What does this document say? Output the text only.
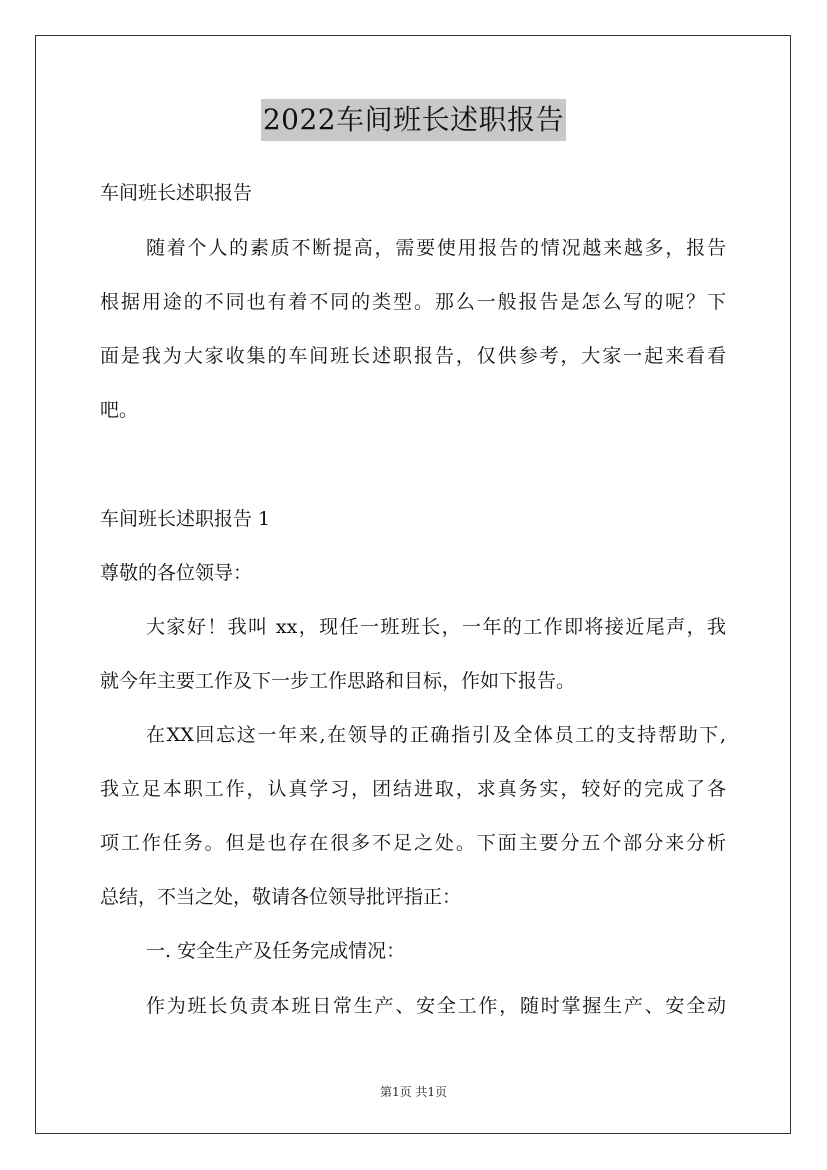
2022车间班长述职报告
车间班长述职报告
随着个人的素质不断提高，需要使用报告的情况越来越多，报告
根据用途的不同也有着不同的类型。那么一般报告是怎么写的呢？下
面是我为大家收集的车间班长述职报告，仅供参考，大家一起来看看
吧。
车间班长述职报告 1
尊敬的各位领导：
大家好！我叫 xx，现任一班班长，一年的工作即将接近尾声，我
就今年主要工作及下一步工作思路和目标，作如下报告。
在XX回忘这一年来,在领导的正确指引及全体员工的支持帮助下,
我立足本职工作，认真学习，团结进取，求真务实，较好的完成了各
项工作任务。但是也存在很多不足之处。下面主要分五个部分来分析
总结，不当之处，敬请各位领导批评指正：
一. 安全生产及任务完成情况：
作为班长负责本班日常生产、安全工作，随时掌握生产、安全动
第1页 共1页
